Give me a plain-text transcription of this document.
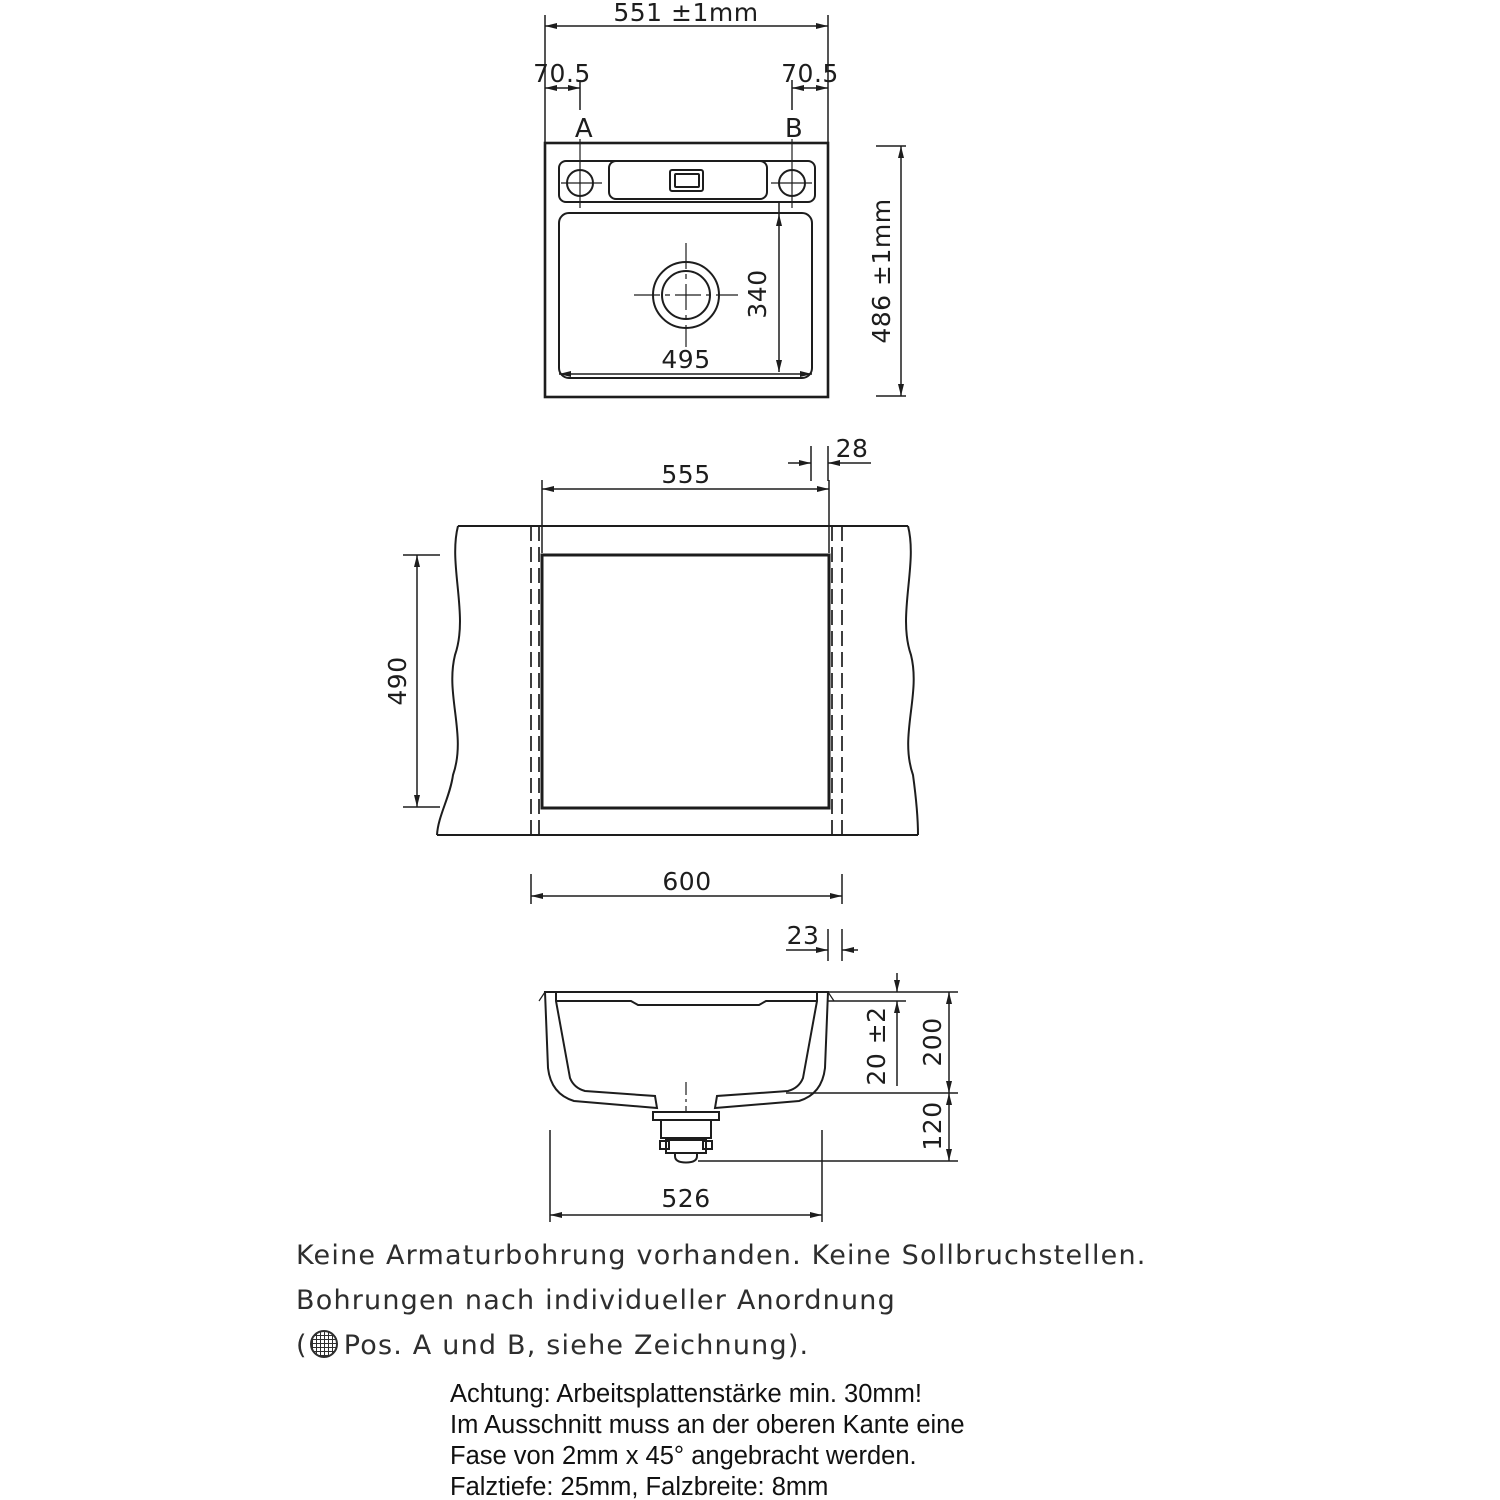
551 ±1mm
70.5	70.5
A	B
495
340	486 ±1mm
28
555
490
600
23
20 ±2 200
120
526
Keine Armaturbohrung vorhanden. Keine Sollbruchstellen.
Bohrungen nach individueller Anordnung
( Pos. A und B, siehe Zeichnung).
Achtung: Arbeitsplattenstärke min. 30mm!
Im Ausschnitt muss an der oberen Kante eine
Fase von 2mm x 45° angebracht werden.
Falztiefe: 25mm, Falzbreite: 8mm
